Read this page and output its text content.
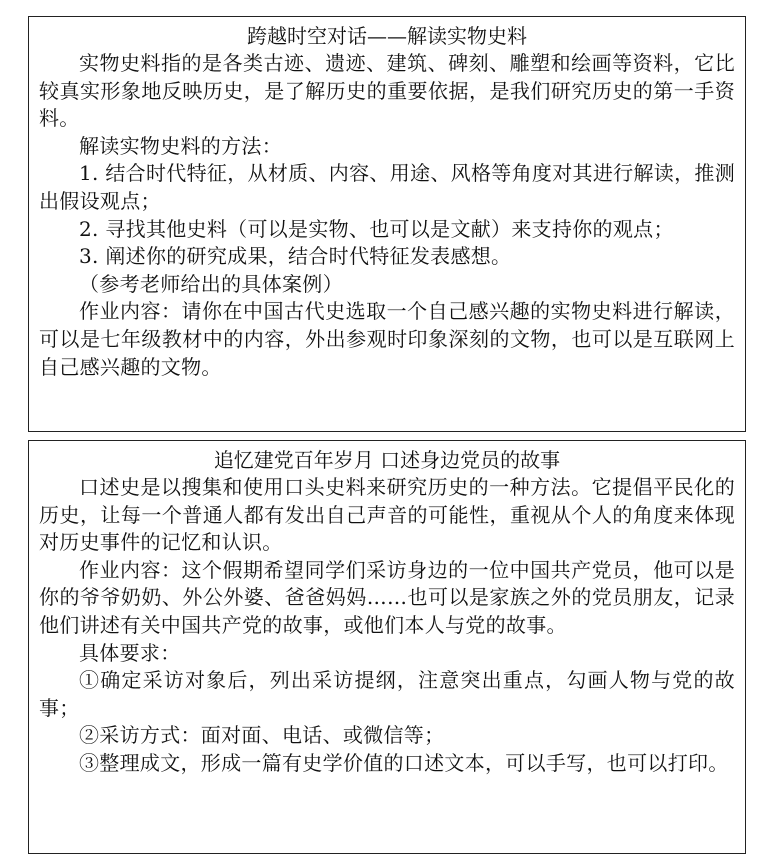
跨越时空对话——解读实物史料

实物史料指的是各类古迹、遗迹、建筑、碑刻、雕塑和绘画等资料，它比较真实形象地反映历史，是了解历史的重要依据，是我们研究历史的第一手资料。

解读实物史料的方法：

1. 结合时代特征，从材质、内容、用途、风格等角度对其进行解读，推测出假设观点；

2. 寻找其他史料（可以是实物、也可以是文献）来支持你的观点；

3. 阐述你的研究成果，结合时代特征发表感想。

（参考老师给出的具体案例）

作业内容：请你在中国古代史选取一个自己感兴趣的实物史料进行解读，可以是七年级教材中的内容，外出参观时印象深刻的文物，也可以是互联网上自己感兴趣的文物。

追忆建党百年岁月 口述身边党员的故事

口述史是以搜集和使用口头史料来研究历史的一种方法。它提倡平民化的历史，让每一个普通人都有发出自己声音的可能性，重视从个人的角度来体现对历史事件的记忆和认识。

作业内容：这个假期希望同学们采访身边的一位中国共产党员，他可以是你的爷爷奶奶、外公外婆、爸爸妈妈……也可以是家族之外的党员朋友，记录他们讲述有关中国共产党的故事，或他们本人与党的故事。

具体要求：

①确定采访对象后，列出采访提纲，注意突出重点，勾画人物与党的故事；

②采访方式：面对面、电话、或微信等；

③整理成文，形成一篇有史学价值的口述文本，可以手写，也可以打印。
